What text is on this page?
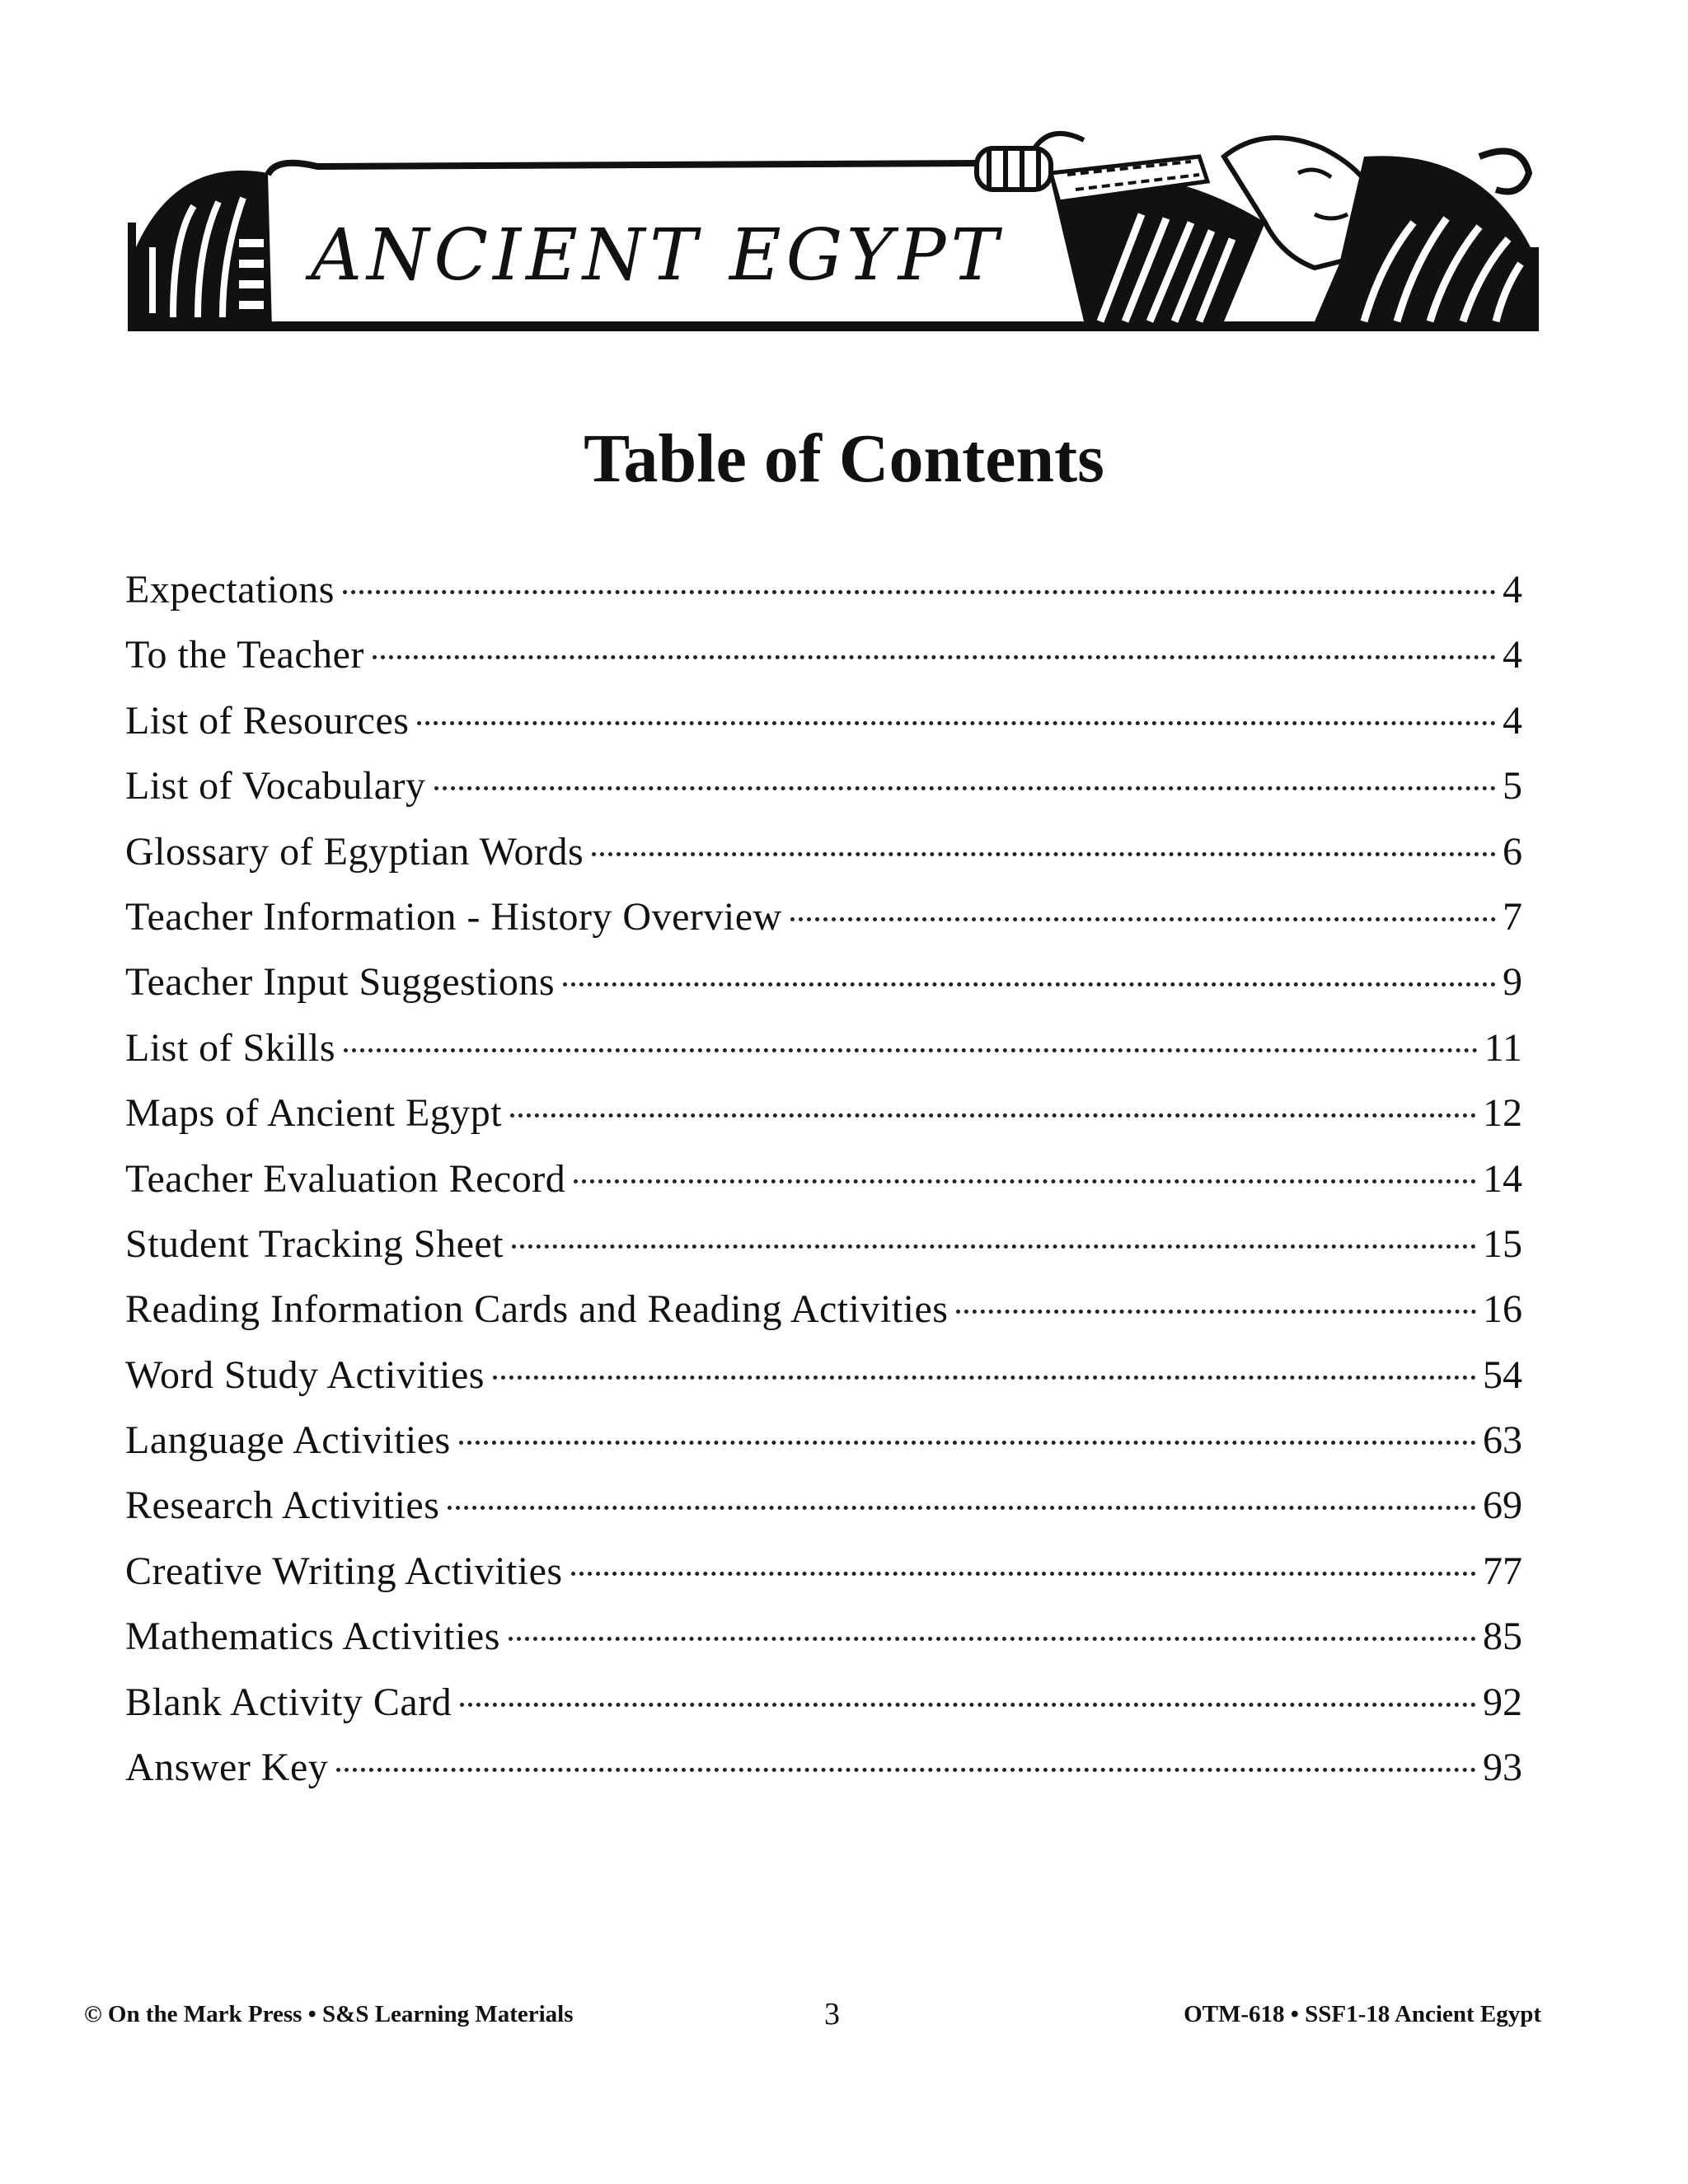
ANCIENT EGYPT
Table of Contents
Expectations	4
To the Teacher	4
List of Resources	4
List of Vocabulary	5
Glossary of Egyptian Words	6
Teacher Information - History Overview	7
Teacher Input Suggestions	9
List of Skills	11
Maps of Ancient Egypt	12
Teacher Evaluation Record	14
Student Tracking Sheet	15
Reading Information Cards and Reading Activities	16
Word Study Activities	54
Language Activities	63
Research Activities	69
Creative Writing Activities	77
Mathematics Activities	85
Blank Activity Card	92
Answer Key	93
© On the Mark Press • S&S Learning Materials	3	OTM-618 • SSF1-18 Ancient Egypt
